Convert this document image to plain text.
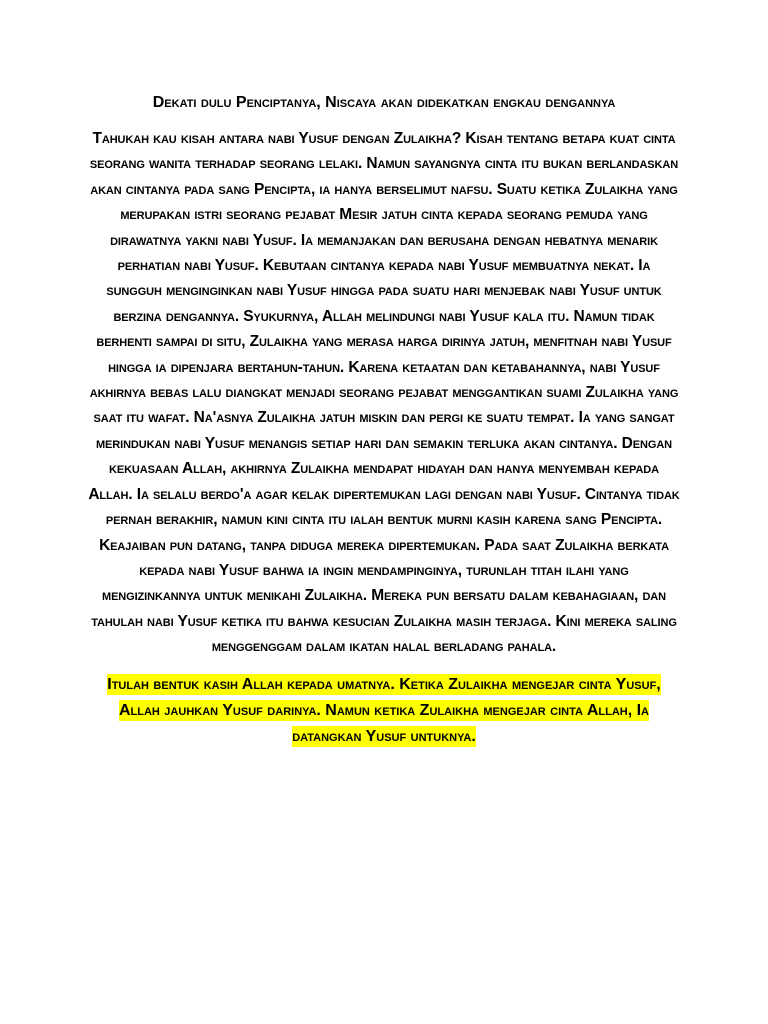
Dekati dulu Penciptanya, Niscaya akan didekatkan engkau dengannya

Tahukah kau kisah antara nabi Yusuf dengan Zulaikha? Kisah tentang betapa kuat cinta seorang wanita terhadap seorang lelaki. Namun sayangnya cinta itu bukan berlandaskan akan cintanya pada sang Pencipta, ia hanya berselimut nafsu. Suatu ketika Zulaikha yang merupakan istri seorang pejabat Mesir jatuh cinta kepada seorang pemuda yang dirawatnya yakni nabi Yusuf. Ia memanjakan dan berusaha dengan hebatnya menarik perhatian nabi Yusuf. Kebutaan cintanya kepada nabi Yusuf membuatnya nekat. Ia sungguh menginginkan nabi Yusuf hingga pada suatu hari menjebak nabi Yusuf untuk berzina dengannya. Syukurnya, Allah melindungi nabi Yusuf kala itu. Namun tidak berhenti sampai di situ, Zulaikha yang merasa harga dirinya jatuh, menfitnah nabi Yusuf hingga ia dipenjara bertahun-tahun. Karena ketaatan dan ketabahannya, nabi Yusuf akhirnya bebas lalu diangkat menjadi seorang pejabat menggantikan suami Zulaikha yang saat itu wafat. Na'asnya Zulaikha jatuh miskin dan pergi ke suatu tempat. Ia yang sangat merindukan nabi Yusuf menangis setiap hari dan semakin terluka akan cintanya. Dengan kekuasaan Allah, akhirnya Zulaikha mendapat hidayah dan hanya menyembah kepada Allah. Ia selalu berdo'a agar kelak dipertemukan lagi dengan nabi Yusuf. Cintanya tidak pernah berakhir, namun kini cinta itu ialah bentuk murni kasih karena sang Pencipta. Keajaiban pun datang, tanpa diduga mereka dipertemukan. Pada saat Zulaikha berkata kepada nabi Yusuf bahwa ia ingin mendampinginya, turunlah titah ilahi yang mengizinkannya untuk menikahi Zulaikha. Mereka pun bersatu dalam kebahagiaan, dan tahulah nabi Yusuf ketika itu bahwa kesucian Zulaikha masih terjaga. Kini mereka saling menggenggam dalam ikatan halal berladang pahala.

Itulah bentuk kasih Allah kepada umatnya. Ketika Zulaikha mengejar cinta Yusuf, Allah jauhkan Yusuf darinya. Namun ketika Zulaikha mengejar cinta Allah, Ia datangkan Yusuf untuknya.
